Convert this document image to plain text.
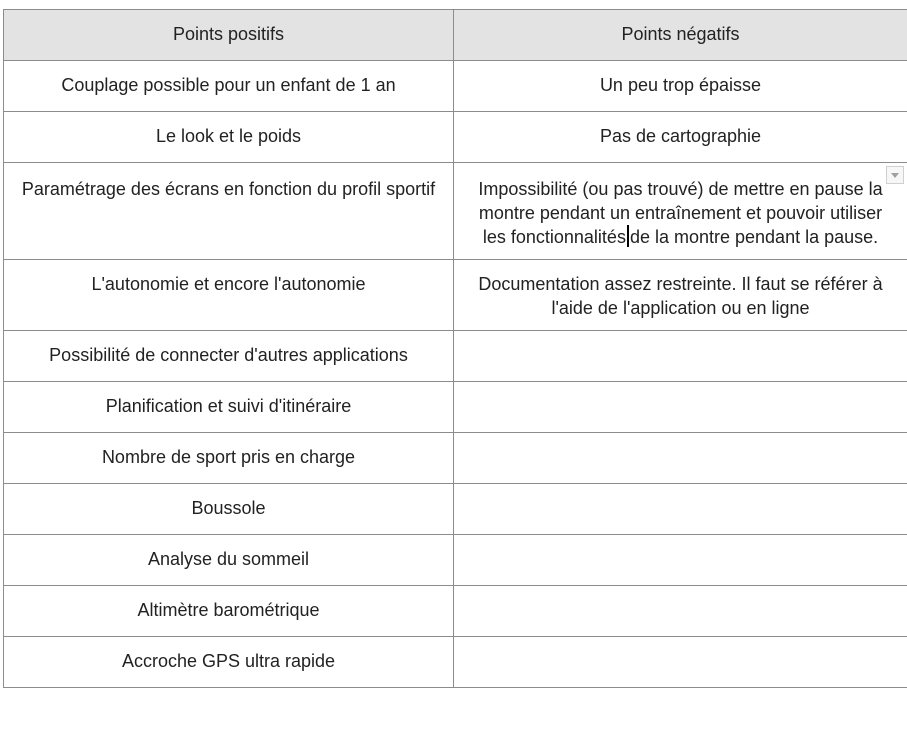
Points positifs	Points négatifs

Couplage possible pour un enfant de 1 an	Un peu trop épaisse

Le look et le poids	Pas de cartographie

Paramétrage des écrans en fonction du profil sportif	Impossibilité (ou pas trouvé) de mettre en pause la montre pendant un entraînement et pouvoir utiliser les fonctionnalités de la montre pendant la pause.

L'autonomie et encore l'autonomie	Documentation assez restreinte. Il faut se référer à l'aide de l'application ou en ligne

Possibilité de connecter d'autres applications	

Planification et suivi d'itinéraire	

Nombre de sport pris en charge	

Boussole	

Analyse du sommeil	

Altimètre barométrique	

Accroche GPS ultra rapide	
